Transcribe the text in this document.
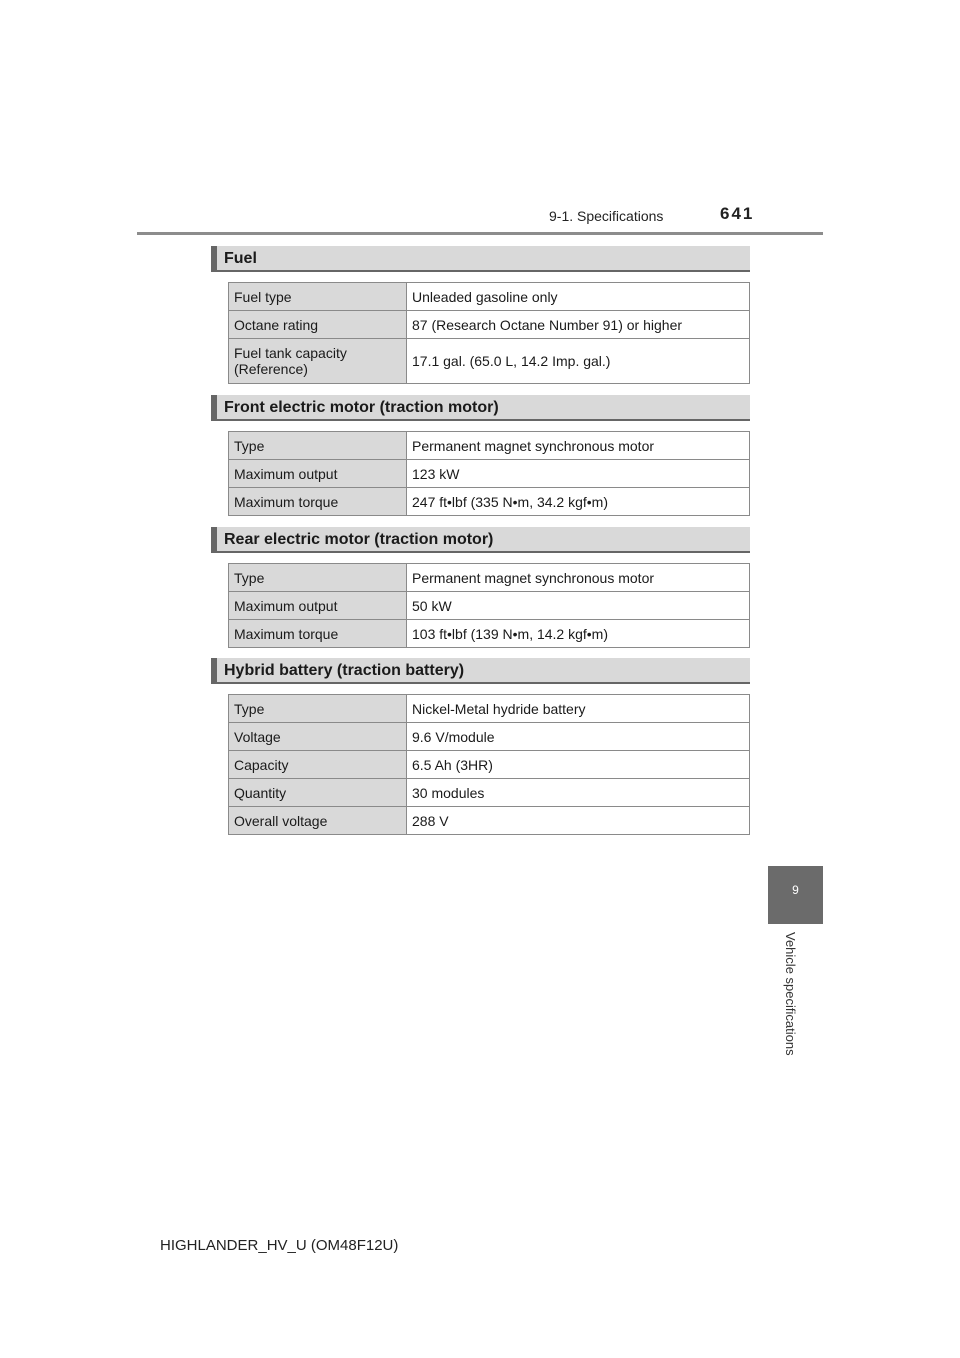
9-1. Specifications	641
9
Vehicle specifications
Fuel
Fuel type	Unleaded gasoline only
Octane rating	87 (Research Octane Number 91) or higher
Fuel tank capacity
(Reference)	17.1 gal. (65.0 L, 14.2 Imp. gal.)
Front electric motor (traction motor)
Type	Permanent magnet synchronous motor
Maximum output	123 kW
Maximum torque	247 ft•lbf (335 N•m, 34.2 kgf•m)
Rear electric motor (traction motor)
Type	Permanent magnet synchronous motor
Maximum output	50 kW
Maximum torque	103 ft•lbf (139 N•m, 14.2 kgf•m)
Hybrid battery (traction battery)
Type	Nickel-Metal hydride battery
Voltage	9.6 V/module
Capacity	6.5 Ah (3HR)
Quantity	30 modules
Overall voltage	288 V
HIGHLANDER_HV_U (OM48F12U)
